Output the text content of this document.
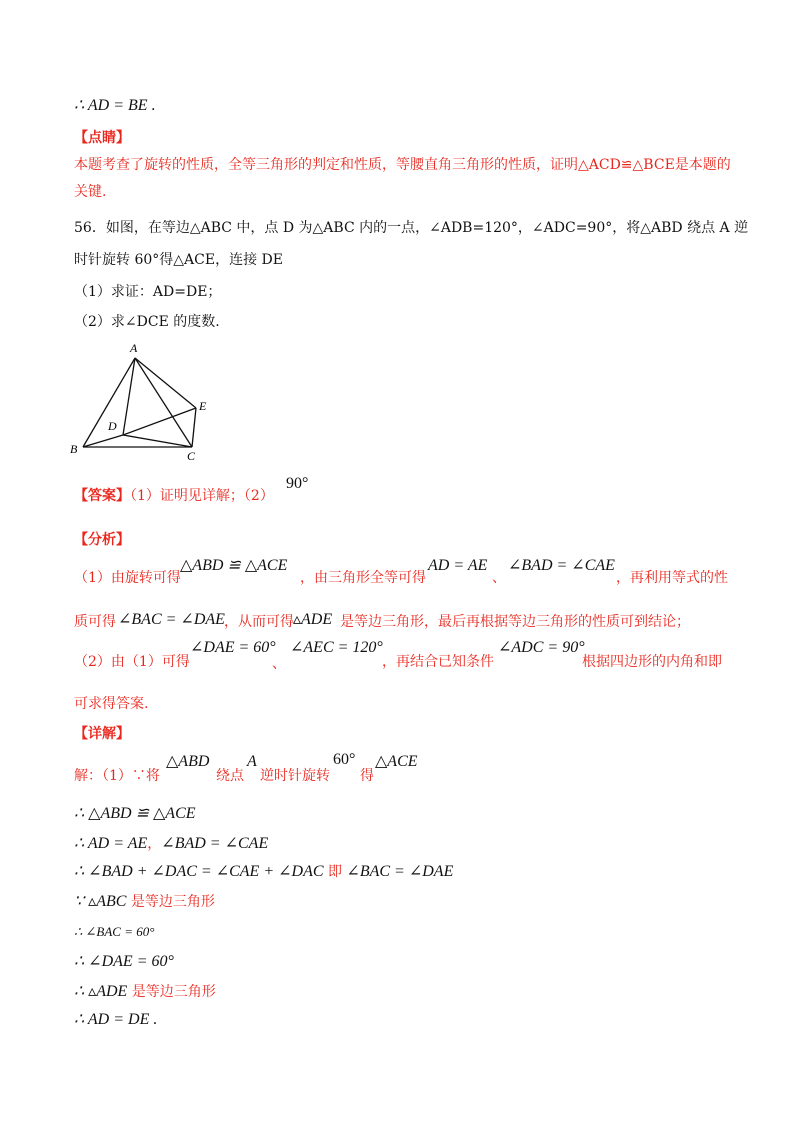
∴ AD = BE .
【点睛】
本题考查了旋转的性质，全等三角形的判定和性质，等腰直角三角形的性质，证明△ACD≌△BCE是本题的关键.
56．如图，在等边△ABC 中，点 D 为△ABC 内的一点，∠ADB=120°，∠ADC=90°，将△ABD 绕点 A 逆
时针旋转 60°得△ACE，连接 DE
（1）求证：AD=DE；
（2）求∠DCE 的度数.
A
B	C
D
E
【答案】（1）证明见详解；（2）
90°
【分析】
（1）由旋转可得
△ABD ≌ △ACE
，由三角形全等可得
AD = AE
、
∠BAD = ∠CAE
，再利用等式的性
质可得 ∠BAC = ∠DAE ，从而可得 ▵ADE 是等边三角形，最后再根据等边三角形的性质可到结论；
（2）由（1）可得
∠DAE = 60°
、
∠AEC = 120°
，再结合已知条件
∠ADC = 90°
根据四边形的内角和即
可求得答案.
【详解】
解：（1）∵将
△ABD
绕点
A
逆时针旋转
60°
得
△ACE
∴ △ABD ≌ △ACE
∴ AD = AE，∠BAD = ∠CAE
∴ ∠BAD + ∠DAC = ∠CAE + ∠DAC 即 ∠BAC = ∠DAE
∵ ▵ABC 是等边三角形
∴ ∠BAC = 60°
∴ ∠DAE = 60°
∴ ▵ADE 是等边三角形
∴ AD = DE .
